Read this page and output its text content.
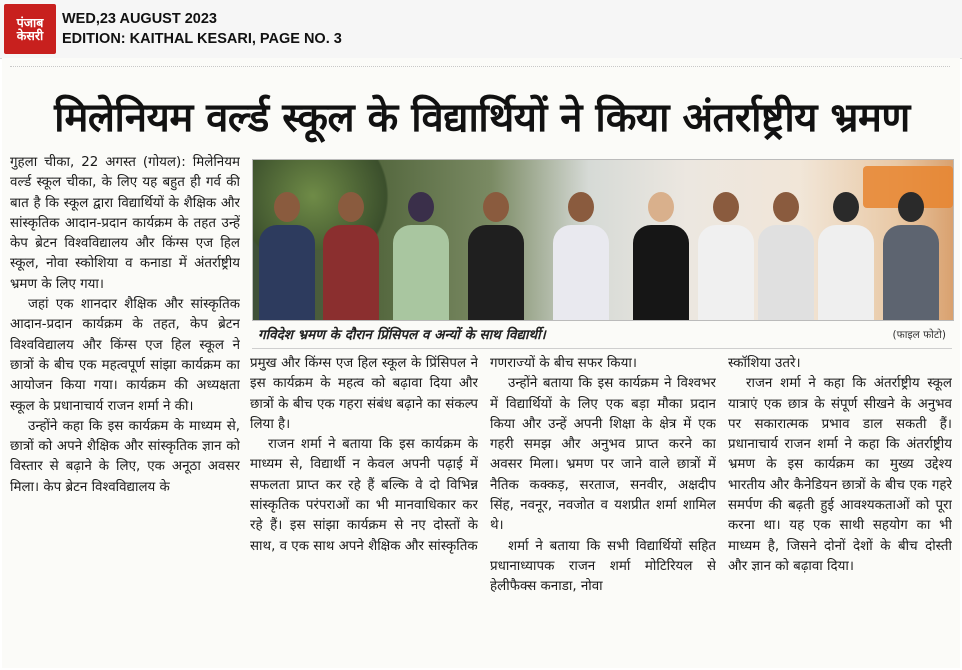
पंजाब
केसरी
WED,23 AUGUST 2023
EDITION: KAITHAL KESARI, PAGE NO. 3
मिलेनियम वर्ल्ड स्कूल के विद्यार्थियों ने किया अंतर्राष्ट्रीय भ्रमण

गुहला चीका, 22 अगस्त (गोयल): मिलेनियम वर्ल्ड स्कूल चीका, के लिए यह बहुत ही गर्व की बात है कि स्कूल द्वारा विद्यार्थियों के शैक्षिक और सांस्कृतिक आदान-प्रदान कार्यक्रम के तहत उन्हें केप ब्रेटन विश्वविद्यालय और किंग्स एज हिल स्कूल, नोवा स्कोशिया व कनाडा में अंतर्राष्ट्रीय भ्रमण के लिए गया।

जहां एक शानदार शैक्षिक और सांस्कृतिक आदान-प्रदान कार्यक्रम के तहत, केप ब्रेटन विश्वविद्यालय और किंग्स एज हिल स्कूल ने छात्रों के बीच एक महत्वपूर्ण सांझा कार्यक्रम का आयोजन किया गया। कार्यक्रम की अध्यक्षता स्कूल के प्रधानाचार्य राजन शर्मा ने की।

उन्होंने कहा कि इस कार्यक्रम के माध्यम से, छात्रों को अपने शैक्षिक और सांस्कृतिक ज्ञान को विस्तार से बढ़ाने के लिए, एक अनूठा अवसर मिला। केप ब्रेटन विश्वविद्यालय के

गविदेश भ्रमण के दौरान प्रिंसिपल व अन्यों के साथ विद्यार्थी।	(फाइल फोटो)

प्रमुख और किंग्स एज हिल स्कूल के प्रिंसिपल ने इस कार्यक्रम के महत्व को बढ़ावा दिया और छात्रों के बीच एक गहरा संबंध बढ़ाने का संकल्प लिया है।

राजन शर्मा ने बताया कि इस कार्यक्रम के माध्यम से, विद्यार्थी न केवल अपनी पढ़ाई में सफलता प्राप्त कर रहे हैं बल्कि वे दो विभिन्न सांस्कृतिक परंपराओं का भी मानवाधिकार कर रहे हैं। इस सांझा कार्यक्रम से नए दोस्तों के साथ, व एक साथ अपने शैक्षिक और सांस्कृतिक

गणराज्यों के बीच सफर किया।

उन्होंने बताया कि इस कार्यक्रम ने विश्वभर में विद्यार्थियों के लिए एक बड़ा मौका प्रदान किया और उन्हें अपनी शिक्षा के क्षेत्र में एक गहरी समझ और अनुभव प्राप्त करने का अवसर मिला। भ्रमण पर जाने वाले छात्रों में नैतिक कक्कड़, सरताज, सनवीर, अक्षदीप सिंह, नवनूर, नवजोत व यशप्रीत शर्मा शामिल थे।

शर्मा ने बताया कि सभी विद्यार्थियों सहित प्रधानाध्यापक राजन शर्मा मोटिरियल से हेलीफैक्स कनाडा, नोवा

स्कॉशिया उतरे।

राजन शर्मा ने कहा कि अंतर्राष्ट्रीय स्कूल यात्राएं एक छात्र के संपूर्ण सीखने के अनुभव पर सकारात्मक प्रभाव डाल सकती हैं। प्रधानाचार्य राजन शर्मा ने कहा कि अंतर्राष्ट्रीय भ्रमण के इस कार्यक्रम का मुख्य उद्देश्य भारतीय और कैनेडियन छात्रों के बीच एक गहरे समर्पण की बढ़ती हुई आवश्यकताओं को पूरा करना था। यह एक साथी सहयोग का भी माध्यम है, जिसने दोनों देशों के बीच दोस्ती और ज्ञान को बढ़ावा दिया।
